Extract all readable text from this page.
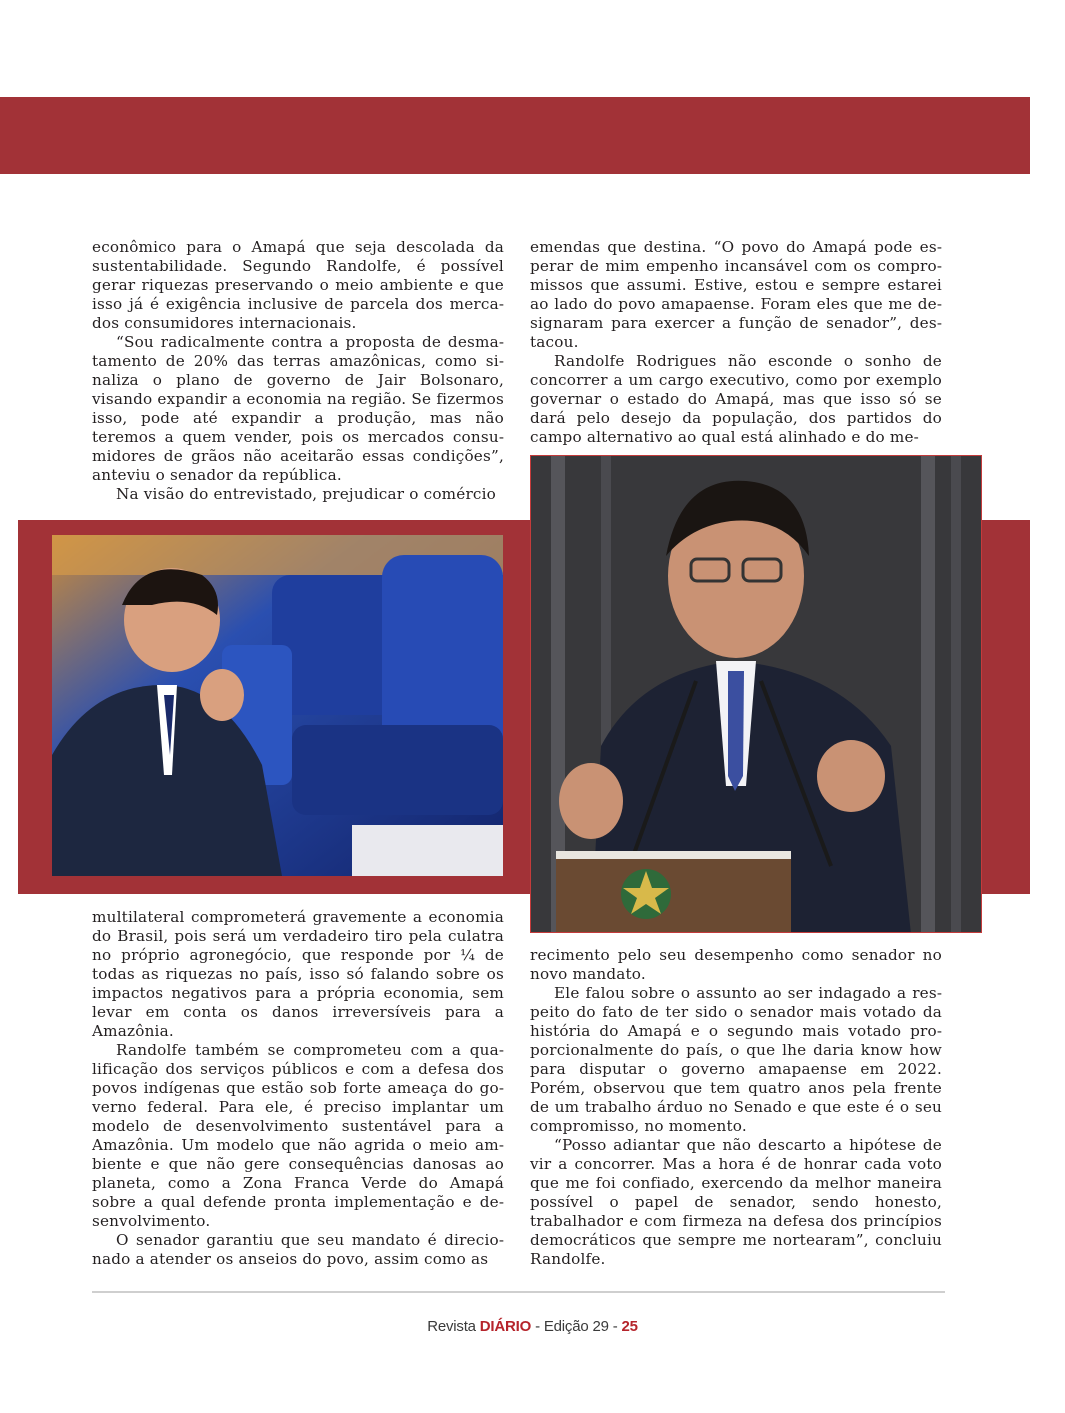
econômico para o Amapá que seja descolada da sustentabilidade. Segundo Randolfe, é possível gerar riquezas preservando o meio ambiente e que isso já é exigência inclusive de parcela dos mercados consumidores internacionais.

“Sou radicalmente contra a proposta de desmatamento de 20% das terras amazônicas, como sinaliza o plano de governo de Jair Bolsonaro, visando expandir a economia na região. Se fizermos isso, pode até expandir a produção, mas não teremos a quem vender, pois os mercados consumidores de grãos não aceitarão essas condições”, anteviu o senador da república.

Na visão do entrevistado, prejudicar o comércio

emendas que destina. “O povo do Amapá pode esperar de mim empenho incansável com os compromissos que assumi. Estive, estou e sempre estarei ao lado do povo amapaense. Foram eles que me designaram para exercer a função de senador”, destacou.

Randolfe Rodrigues não esconde o sonho de concorrer a um cargo executivo, como por exemplo governar o estado do Amapá, mas que isso só se dará pelo desejo da população, dos partidos do campo alternativo ao qual está alinhado e do me-

multilateral comprometerá gravemente a economia do Brasil, pois será um verdadeiro tiro pela culatra no próprio agronegócio, que responde por ¼ de todas as riquezas no país, isso só falando sobre os impactos negativos para a própria economia, sem levar em conta os danos irreversíveis para a Amazônia.

Randolfe também se comprometeu com a qualificação dos serviços públicos e com a defesa dos povos indígenas que estão sob forte ameaça do governo federal. Para ele, é preciso implantar um modelo de desenvolvimento sustentável para a Amazônia. Um modelo que não agrida o meio ambiente e que não gere consequências danosas ao planeta, como a Zona Franca Verde do Amapá sobre a qual defende pronta implementação e desenvolvimento.

O senador garantiu que seu mandato é direcionado a atender os anseios do povo, assim como as

recimento pelo seu desempenho como senador no novo mandato.

Ele falou sobre o assunto ao ser indagado a respeito do fato de ter sido o senador mais votado da história do Amapá e o segundo mais votado proporcionalmente do país, o que lhe daria know how para disputar o governo amapaense em 2022. Porém, observou que tem quatro anos pela frente de um trabalho árduo no Senado e que este é o seu compromisso, no momento.

“Posso adiantar que não descarto a hipótese de vir a concorrer. Mas a hora é de honrar cada voto que me foi confiado, exercendo da melhor maneira possível o papel de senador, sendo honesto, trabalhador e com firmeza na defesa dos princípios democráticos que sempre me nortearam”, concluiu Randolfe.

Revista DIÁRIO - Edição 29 - 25
